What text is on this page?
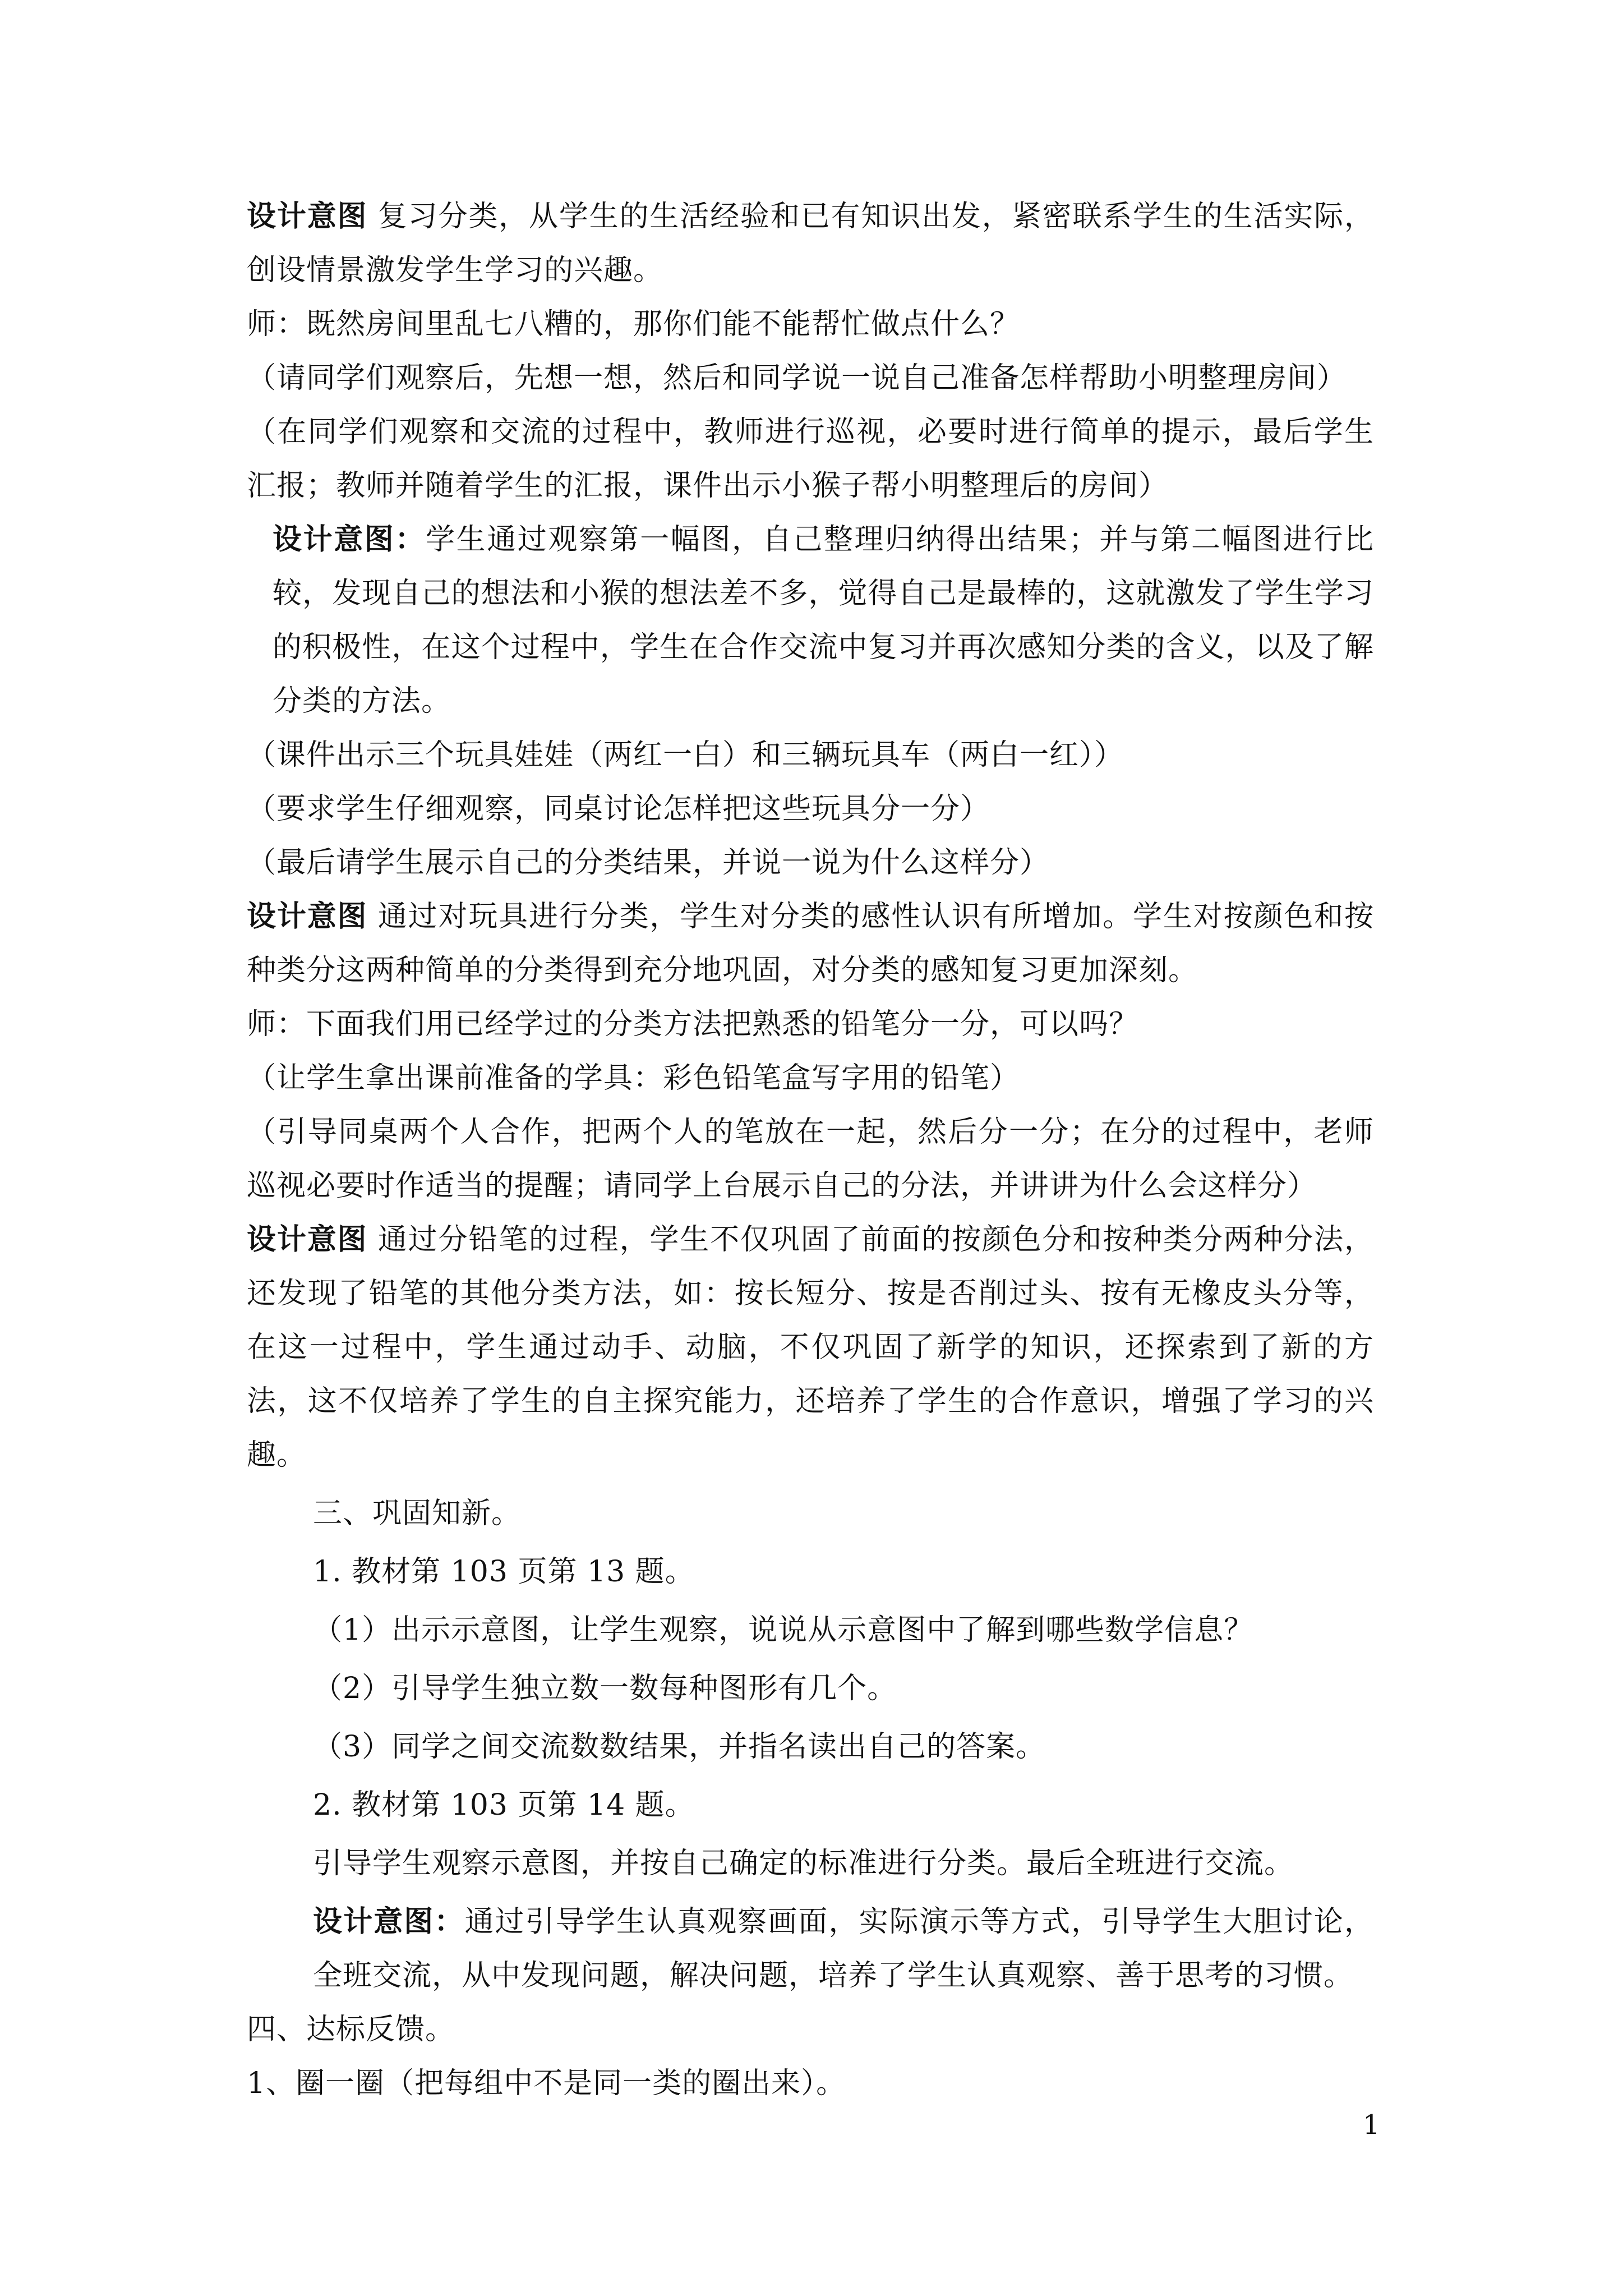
设计意图 复习分类，从学生的生活经验和已有知识出发，紧密联系学生的生活实际，创设情景激发学生学习的兴趣。

师：既然房间里乱七八糟的，那你们能不能帮忙做点什么？

（请同学们观察后，先想一想，然后和同学说一说自己准备怎样帮助小明整理房间）

（在同学们观察和交流的过程中，教师进行巡视，必要时进行简单的提示，最后学生汇报；教师并随着学生的汇报，课件出示小猴子帮小明整理后的房间）

设计意图：学生通过观察第一幅图，自己整理归纳得出结果；并与第二幅图进行比较，发现自己的想法和小猴的想法差不多，觉得自己是最棒的，这就激发了学生学习的积极性，在这个过程中，学生在合作交流中复习并再次感知分类的含义，以及了解分类的方法。

（课件出示三个玩具娃娃（两红一白）和三辆玩具车（两白一红））

（要求学生仔细观察，同桌讨论怎样把这些玩具分一分）

（最后请学生展示自己的分类结果，并说一说为什么这样分）

设计意图 通过对玩具进行分类，学生对分类的感性认识有所增加。学生对按颜色和按种类分这两种简单的分类得到充分地巩固，对分类的感知复习更加深刻。

师：下面我们用已经学过的分类方法把熟悉的铅笔分一分，可以吗？

（让学生拿出课前准备的学具：彩色铅笔盒写字用的铅笔）

（引导同桌两个人合作，把两个人的笔放在一起，然后分一分；在分的过程中，老师巡视必要时作适当的提醒；请同学上台展示自己的分法，并讲讲为什么会这样分）

设计意图 通过分铅笔的过程，学生不仅巩固了前面的按颜色分和按种类分两种分法，还发现了铅笔的其他分类方法，如：按长短分、按是否削过头、按有无橡皮头分等，在这一过程中，学生通过动手、动脑，不仅巩固了新学的知识，还探索到了新的方法，这不仅培养了学生的自主探究能力，还培养了学生的合作意识，增强了学习的兴趣。

三、巩固知新。

1. 教材第 103 页第 13 题。

（1）出示示意图，让学生观察，说说从示意图中了解到哪些数学信息？

（2）引导学生独立数一数每种图形有几个。

（3）同学之间交流数数结果，并指名读出自己的答案。

2. 教材第 103 页第 14 题。

引导学生观察示意图，并按自己确定的标准进行分类。最后全班进行交流。

设计意图：通过引导学生认真观察画面，实际演示等方式，引导学生大胆讨论，全班交流，从中发现问题，解决问题，培养了学生认真观察、善于思考的习惯。

四、达标反馈。

1、圈一圈（把每组中不是同一类的圈出来）。

1
